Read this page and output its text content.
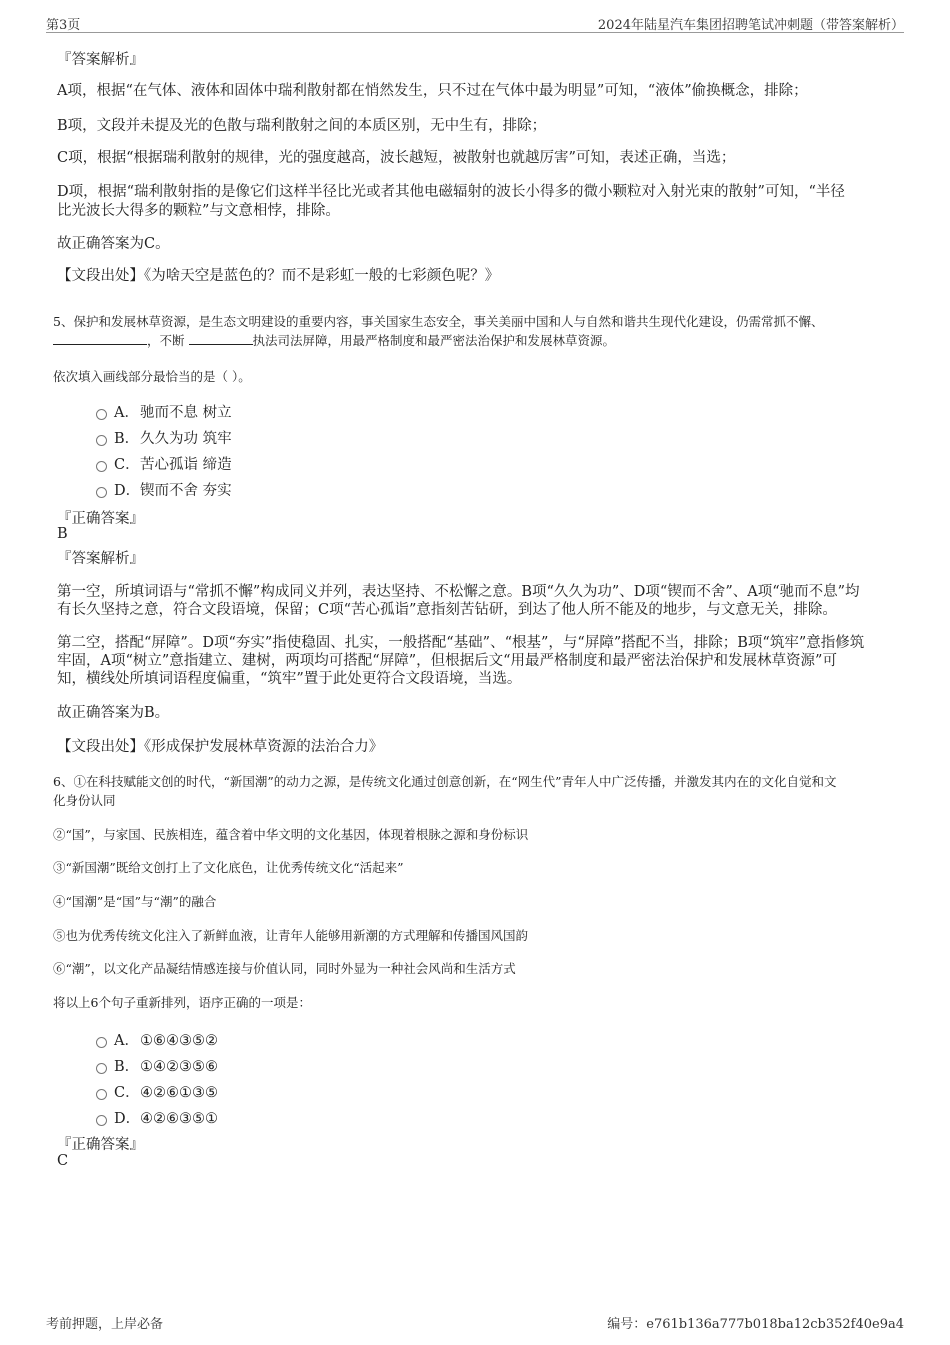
第3页	2024年陆星汽车集团招聘笔试冲刺题（带答案解析）
『答案解析』
A项，根据“在气体、液体和固体中瑞利散射都在悄然发生，只不过在气体中最为明显”可知，“液体”偷换概念，排除；
B项，文段并未提及光的色散与瑞利散射之间的本质区别，无中生有，排除；
C项，根据“根据瑞利散射的规律，光的强度越高，波长越短，被散射也就越厉害”可知，表述正确，当选；
D项，根据“瑞利散射指的是像它们这样半径比光或者其他电磁辐射的波长小得多的微小颗粒对入射光束的散射”可知，“半径
比光波长大得多的颗粒”与文意相悖，排除。
故正确答案为C。
【文段出处】《为啥天空是蓝色的？而不是彩虹一般的七彩颜色呢？》
5、保护和发展林草资源，是生态文明建设的重要内容，事关国家生态安全，事关美丽中国和人与自然和谐共生现代化建设，仍需常抓不懈、
，不断	执法司法屏障，用最严格制度和最严密法治保护和发展林草资源。
依次填入画线部分最恰当的是（ ）。
A．驰而不息 树立
B．久久为功 筑牢
C．苦心孤诣 缔造
D．锲而不舍 夯实
『正确答案』
B
『答案解析』
第一空，所填词语与“常抓不懈”构成同义并列，表达坚持、不松懈之意。B项“久久为功”、D项“锲而不舍”、A项“驰而不息”均
有长久坚持之意，符合文段语境，保留；C项“苦心孤诣”意指刻苦钻研，到达了他人所不能及的地步，与文意无关，排除。
第二空，搭配“屏障”。D项“夯实”指使稳固、扎实，一般搭配“基础”、“根基”，与“屏障”搭配不当，排除；B项“筑牢”意指修筑
牢固，A项“树立”意指建立、建树，两项均可搭配“屏障”，但根据后文“用最严格制度和最严密法治保护和发展林草资源”可
知，横线处所填词语程度偏重，“筑牢”置于此处更符合文段语境，当选。
故正确答案为B。
【文段出处】《形成保护发展林草资源的法治合力》
6、①在科技赋能文创的时代，“新国潮”的动力之源，是传统文化通过创意创新，在“网生代”青年人中广泛传播，并激发其内在的文化自觉和文
化身份认同
②“国”，与家国、民族相连，蕴含着中华文明的文化基因，体现着根脉之源和身份标识
③“新国潮”既给文创打上了文化底色，让优秀传统文化“活起来”
④“国潮”是“国”与“潮”的融合
⑤也为优秀传统文化注入了新鲜血液，让青年人能够用新潮的方式理解和传播国风国韵
⑥“潮”，以文化产品凝结情感连接与价值认同，同时外显为一种社会风尚和生活方式
将以上6个句子重新排列，语序正确的一项是：
A．①⑥④③⑤②
B．①④②③⑤⑥
C．④②⑥①③⑤
D．④②⑥③⑤①
『正确答案』
C
考前押题，上岸必备	编号：e761b136a777b018ba12cb352f40e9a4
